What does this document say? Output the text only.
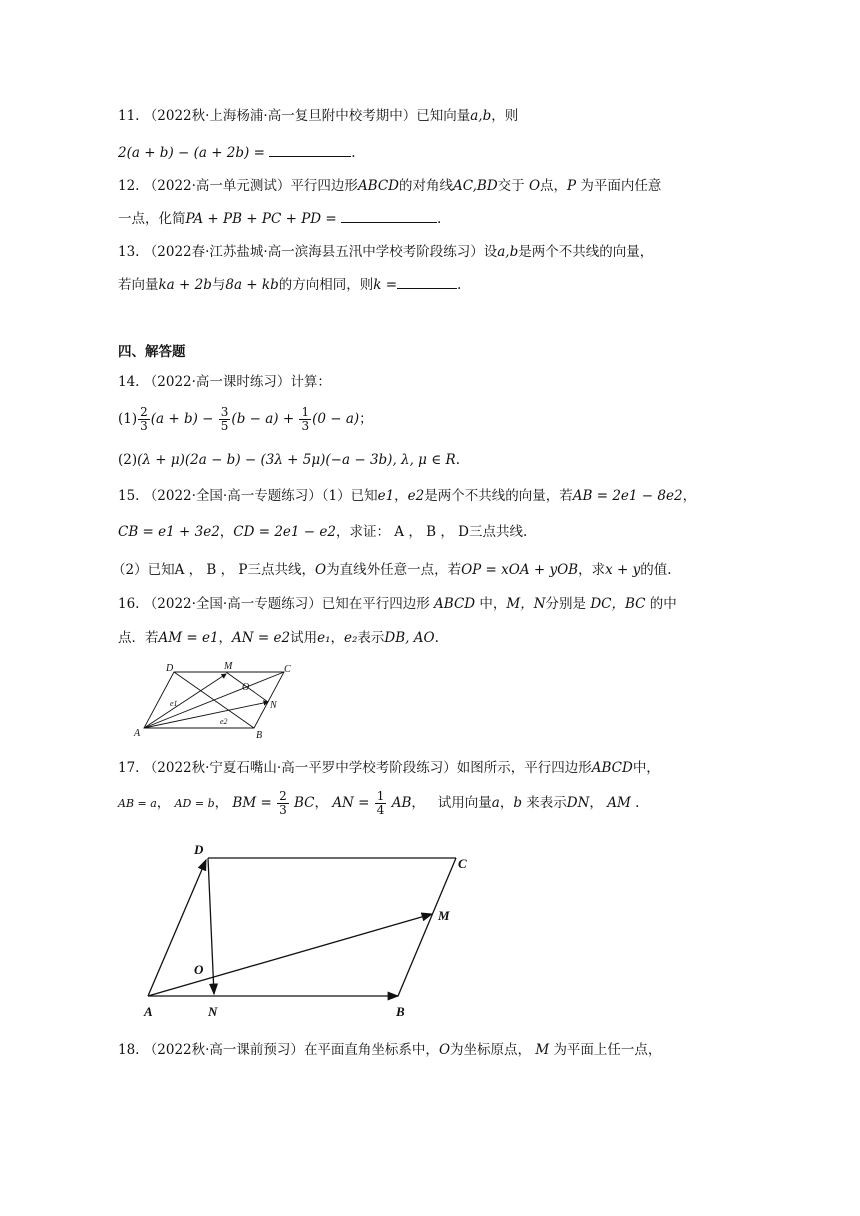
11. （2022秋·上海杨浦·高一复旦附中校考期中）已知向量a,b，则
2(a + b) − (a + 2b) =	.
12. （2022·高一单元测试）平行四边形ABCD的对角线AC,BD交于 O点，P 为平面内任意
一点，化简PA + PB + PC + PD =	.
13. （2022春·江苏盐城·高一滨海县五汛中学校考阶段练习）设a,b是两个不共线的向量，
若向量ka + 2b与8a + kb的方向相同，则k =	.
四、解答题
14. （2022·高一课时练习）计算：
$(1) \frac{2}{3} (a + b) - \frac{3}{5} (b - a) + \frac{1}{3} (0 - a)$；
(2)(λ + μ)(2a − b) − (3λ + 5μ)(−a − 3b), λ, μ ∈ R.
15. （2022·全国·高一专题练习）（1）已知e1，e2是两个不共线的向量，若AB = 2e1 − 8e2，
CB = e1 + 3e2，CD = 2e1 − e2，求证： A ， B ， D三点共线.
（2）已知A ， B ， P三点共线，O为直线外任意一点，若OP = xOA + yOB，求x + y的值.
16. （2022·全国·高一专题练习）已知在平行四边形 ABCD 中，M，N分别是 DC，BC 的中
点．若AM = e1，AN = e2试用e₁，e₂表示DB, AO.
D	M	C
O
N
A	B
e1
e2
17. （2022秋·宁夏石嘴山·高一平罗中学校考阶段练习）如图所示，平行四边形ABCD中，
AB = a， AD = b， BM = $\frac{2}{3}$ BC， AN = $\frac{1}{4}$ AB，   试用向量a，b 来表示DN， AM .
D
C
M
O
A	N	B
18. （2022秋·高一课前预习）在平面直角坐标系中，O为坐标原点， M 为平面上任一点，
